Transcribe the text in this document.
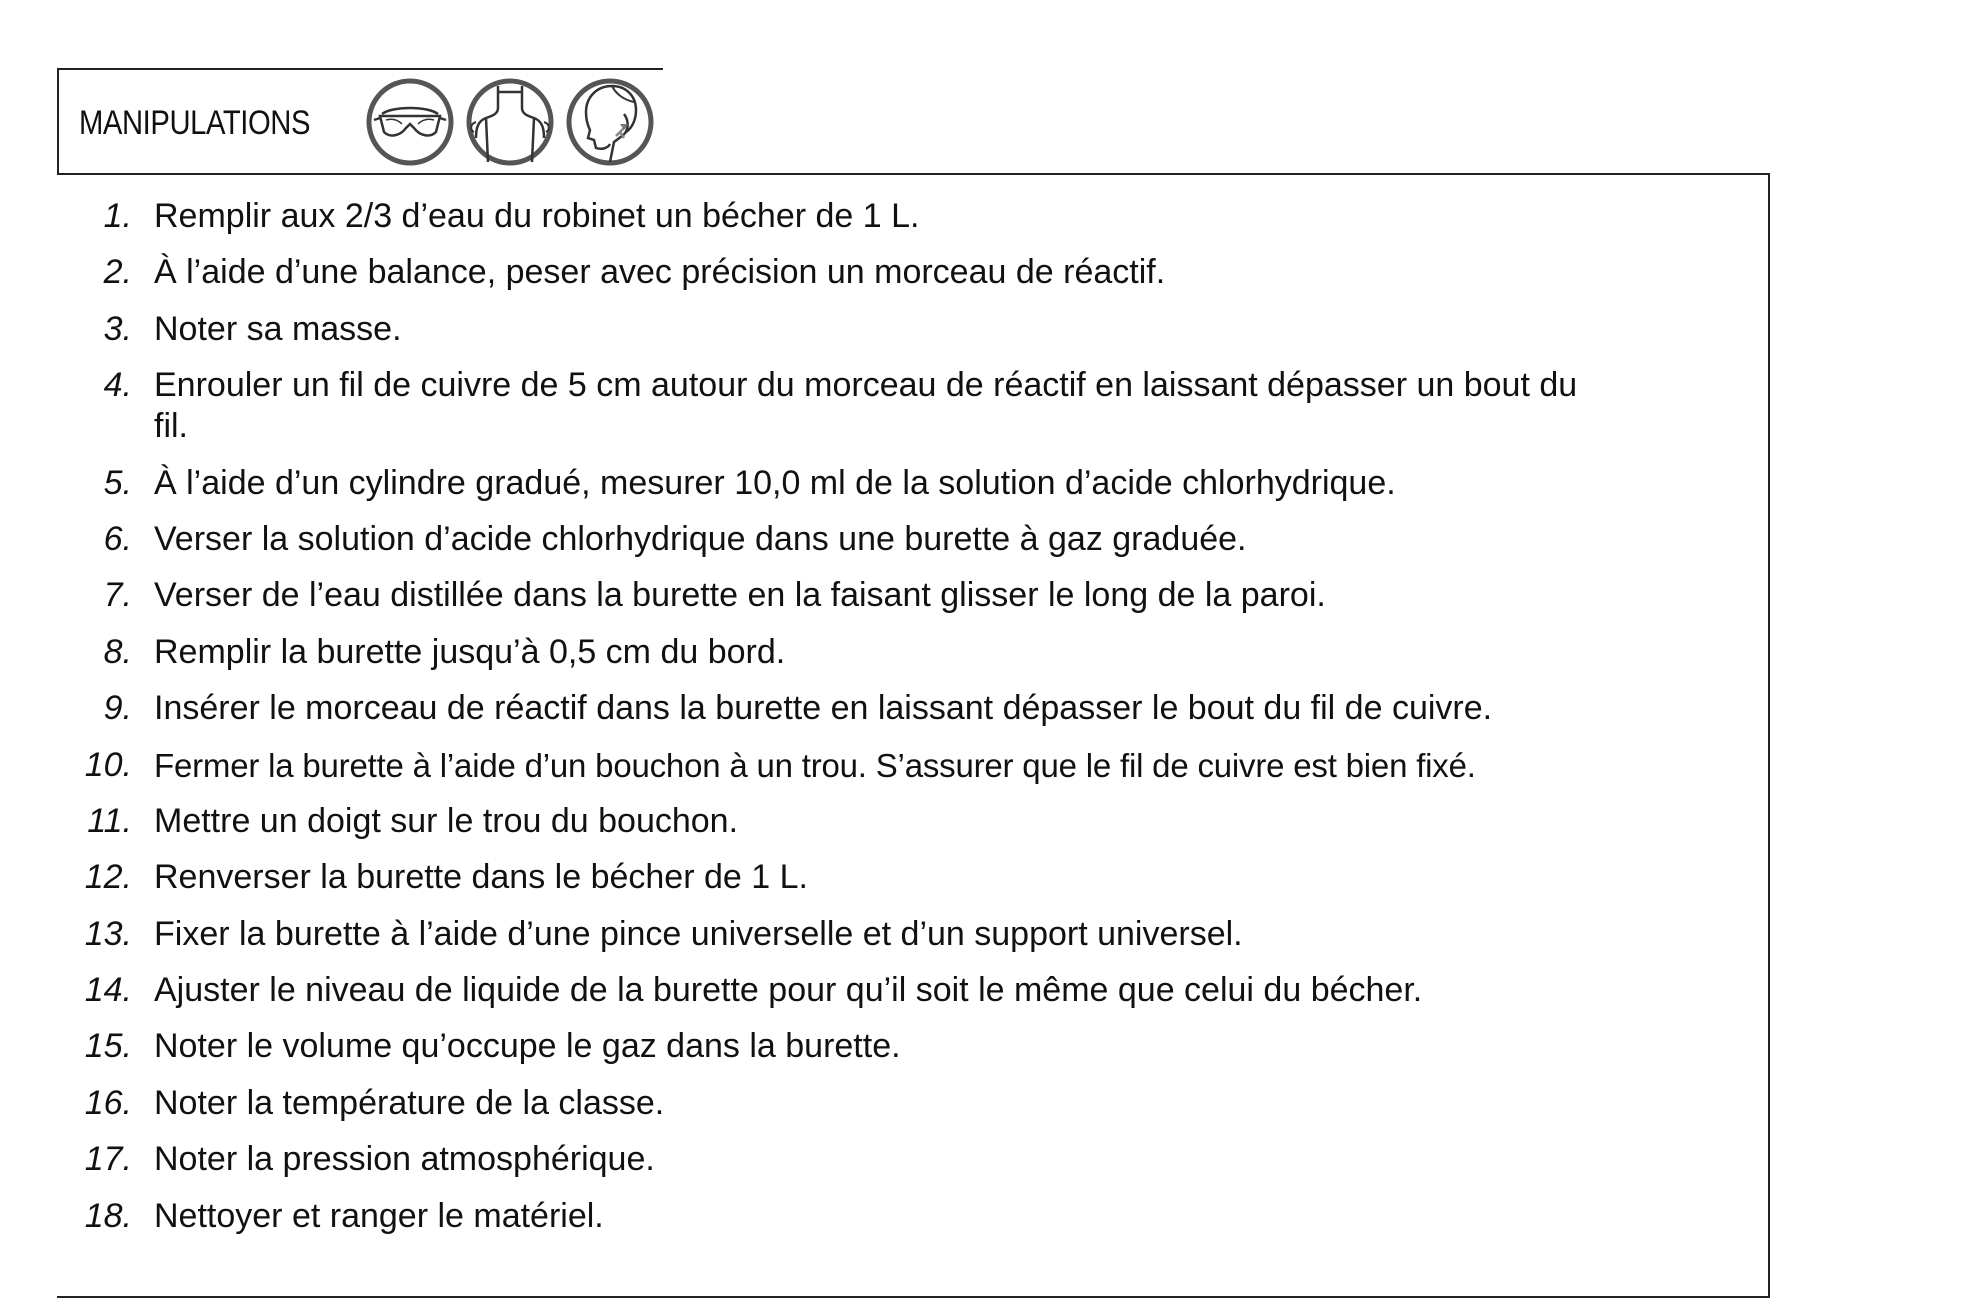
MANIPULATIONS
1. Remplir aux 2/3 d’eau du robinet un bécher de 1 L.
2. À l’aide d’une balance, peser avec précision un morceau de réactif.
3. Noter sa masse.
4. Enrouler un fil de cuivre de 5 cm autour du morceau de réactif en laissant dépasser un bout du fil.
5. À l’aide d’un cylindre gradué, mesurer 10,0 ml de la solution d’acide chlorhydrique.
6. Verser la solution d’acide chlorhydrique dans une burette à gaz graduée.
7. Verser de l’eau distillée dans la burette en la faisant glisser le long de la paroi.
8. Remplir la burette jusqu’à 0,5 cm du bord.
9. Insérer le morceau de réactif dans la burette en laissant dépasser le bout du fil de cuivre.
10. Fermer la burette à l’aide d’un bouchon à un trou. S’assurer que le fil de cuivre est bien fixé.
11. Mettre un doigt sur le trou du bouchon.
12. Renverser la burette dans le bécher de 1 L.
13. Fixer la burette à l’aide d’une pince universelle et d’un support universel.
14. Ajuster le niveau de liquide de la burette pour qu’il soit le même que celui du bécher.
15. Noter le volume qu’occupe le gaz dans la burette.
16. Noter la température de la classe.
17. Noter la pression atmosphérique.
18. Nettoyer et ranger le matériel.
